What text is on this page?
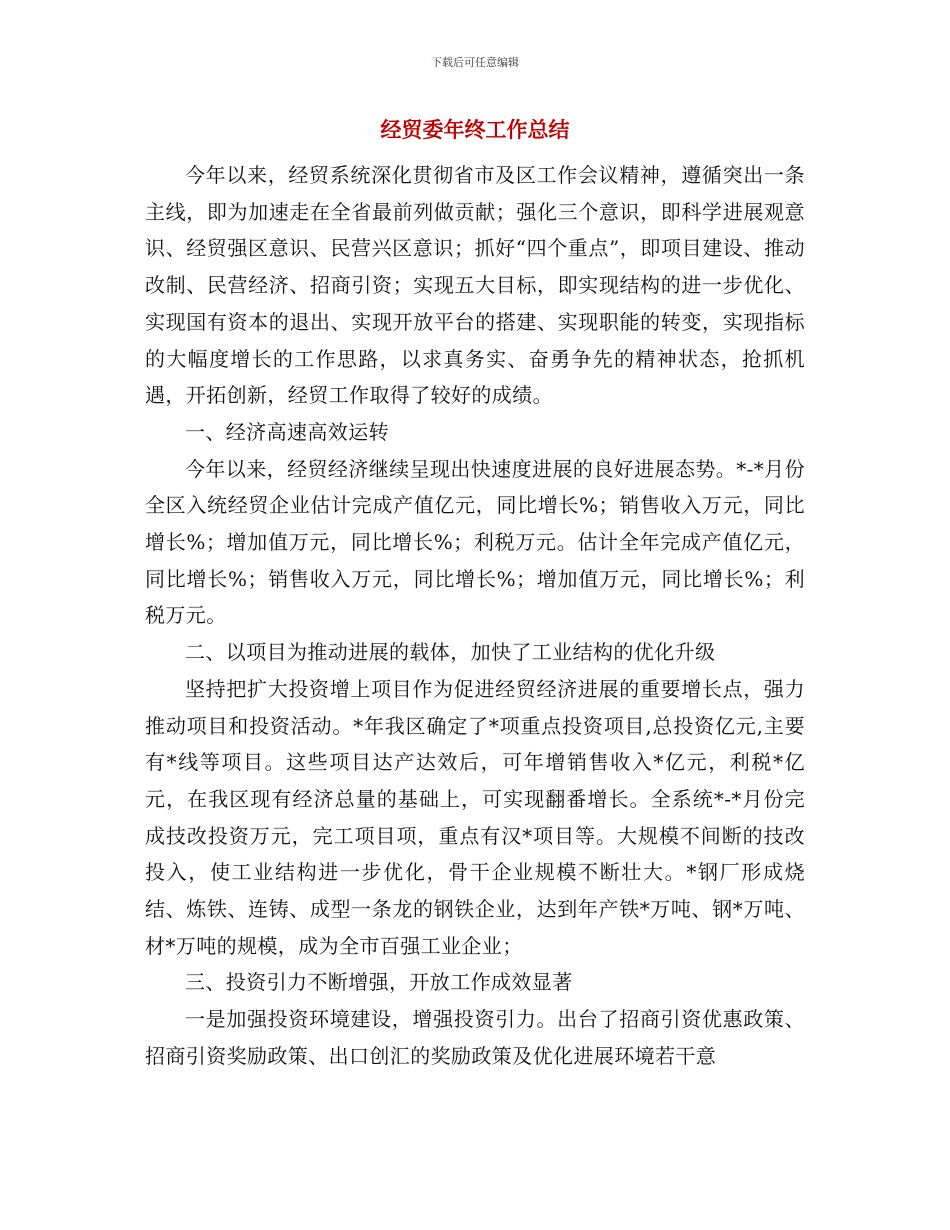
下载后可任意编辑
经贸委年终工作总结

今年以来，经贸系统深化贯彻省市及区工作会议精神，遵循突出一条主线，即为加速走在全省最前列做贡献；强化三个意识，即科学进展观意识、经贸强区意识、民营兴区意识；抓好“四个重点”，即项目建设、推动改制、民营经济、招商引资；实现五大目标，即实现结构的进一步优化、实现国有资本的退出、实现开放平台的搭建、实现职能的转变，实现指标的大幅度增长的工作思路，以求真务实、奋勇争先的精神状态，抢抓机遇，开拓创新，经贸工作取得了较好的成绩。

一、经济高速高效运转

今年以来，经贸经济继续呈现出快速度进展的良好进展态势。*-*月份全区入统经贸企业估计完成产值亿元，同比增长%；销售收入万元，同比增长%；增加值万元，同比增长%；利税万元。估计全年完成产值亿元，同比增长%；销售收入万元，同比增长%；增加值万元，同比增长%；利税万元。

二、以项目为推动进展的载体，加快了工业结构的优化升级

坚持把扩大投资增上项目作为促进经贸经济进展的重要增长点，强力推动项目和投资活动。*年我区确定了*项重点投资项目,总投资亿元,主要有*线等项目。这些项目达产达效后，可年增销售收入*亿元，利税*亿元，在我区现有经济总量的基础上，可实现翻番增长。全系统*-*月份完成技改投资万元，完工项目项，重点有汉*项目等。大规模不间断的技改投入，使工业结构进一步优化，骨干企业规模不断壮大。*钢厂形成烧结、炼铁、连铸、成型一条龙的钢铁企业，达到年产铁*万吨、钢*万吨、材*万吨的规模，成为全市百强工业企业；

三、投资引力不断增强，开放工作成效显著

一是加强投资环境建设，增强投资引力。出台了招商引资优惠政策、招商引资奖励政策、出口创汇的奖励政策及优化进展环境若干意
